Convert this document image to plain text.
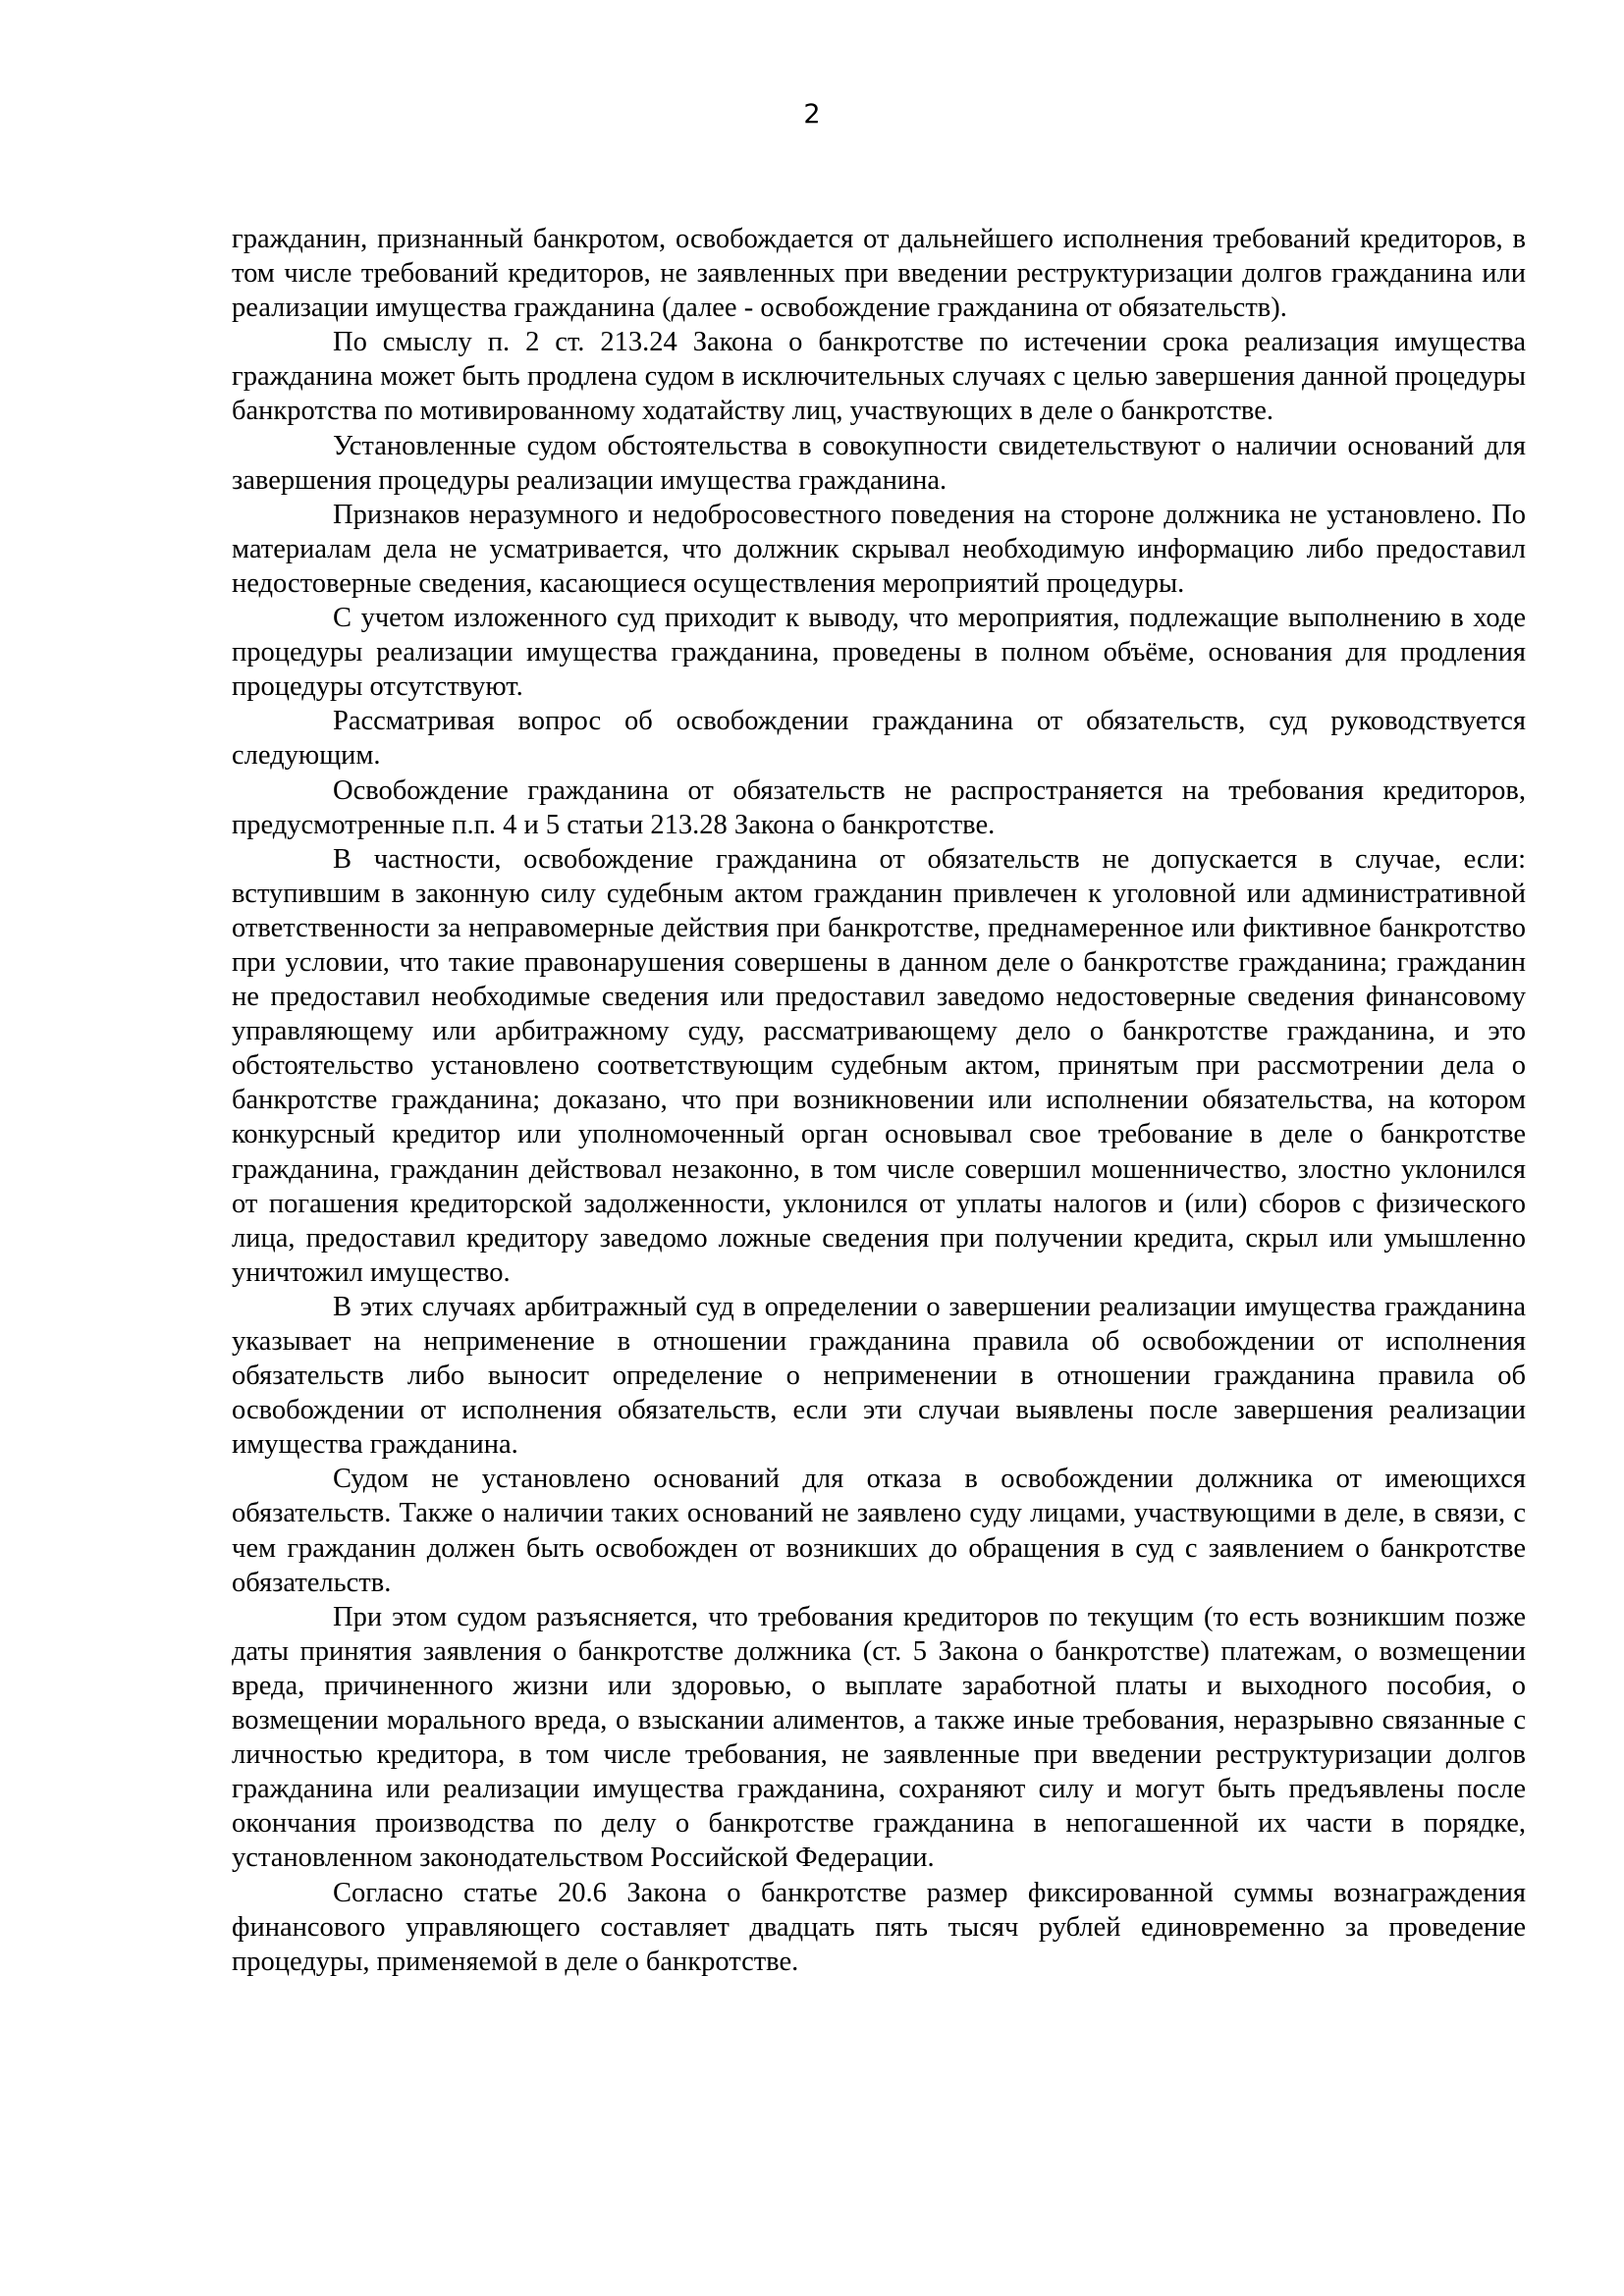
2

гражданин, признанный банкротом, освобождается от дальнейшего исполнения требований кредиторов, в том числе требований кредиторов, не заявленных при введении реструктуризации долгов гражданина или реализации имущества гражданина (далее - освобождение гражданина от обязательств).

По смыслу п. 2 ст. 213.24 Закона о банкротстве по истечении срока реализация имущества гражданина может быть продлена судом в исключительных случаях с целью завершения данной процедуры банкротства по мотивированному ходатайству лиц, участвующих в деле о банкротстве.

Установленные судом обстоятельства в совокупности свидетельствуют о наличии оснований для завершения процедуры реализации имущества гражданина.

Признаков неразумного и недобросовестного поведения на стороне должника не установлено. По материалам дела не усматривается, что должник скрывал необходимую информацию либо предоставил недостоверные сведения, касающиеся осуществления мероприятий процедуры.

С учетом изложенного суд приходит к выводу, что мероприятия, подлежащие выполнению в ходе процедуры реализации имущества гражданина, проведены в полном объёме, основания для продления процедуры отсутствуют.

Рассматривая вопрос об освобождении гражданина от обязательств, суд руководствуется следующим.

Освобождение гражданина от обязательств не распространяется на требования кредиторов, предусмотренные п.п. 4 и 5 статьи 213.28 Закона о банкротстве.

В частности, освобождение гражданина от обязательств не допускается в случае, если: вступившим в законную силу судебным актом гражданин привлечен к уголовной или административной ответственности за неправомерные действия при банкротстве, преднамеренное или фиктивное банкротство при условии, что такие правонарушения совершены в данном деле о банкротстве гражданина; гражданин не предоставил необходимые сведения или предоставил заведомо недостоверные сведения финансовому управляющему или арбитражному суду, рассматривающему дело о банкротстве гражданина, и это обстоятельство установлено соответствующим судебным актом, принятым при рассмотрении дела о банкротстве гражданина; доказано, что при возникновении или исполнении обязательства, на котором конкурсный кредитор или уполномоченный орган основывал свое требование в деле о банкротстве гражданина, гражданин действовал незаконно, в том числе совершил мошенничество, злостно уклонился от погашения кредиторской задолженности, уклонился от уплаты налогов и (или) сборов с физического лица, предоставил кредитору заведомо ложные сведения при получении кредита, скрыл или умышленно уничтожил имущество.

В этих случаях арбитражный суд в определении о завершении реализации имущества гражданина указывает на неприменение в отношении гражданина правила об освобождении от исполнения обязательств либо выносит определение о неприменении в отношении гражданина правила об освобождении от исполнения обязательств, если эти случаи выявлены после завершения реализации имущества гражданина.

Судом не установлено оснований для отказа в освобождении должника от имеющихся обязательств. Также о наличии таких оснований не заявлено суду лицами, участвующими в деле, в связи, с чем гражданин должен быть освобожден от возникших до обращения в суд с заявлением о банкротстве обязательств.

При этом судом разъясняется, что требования кредиторов по текущим (то есть возникшим позже даты принятия заявления о банкротстве должника (ст. 5 Закона о банкротстве) платежам, о возмещении вреда, причиненного жизни или здоровью, о выплате заработной платы и выходного пособия, о возмещении морального вреда, о взыскании алиментов, а также иные требования, неразрывно связанные с личностью кредитора, в том числе требования, не заявленные при введении реструктуризации долгов гражданина или реализации имущества гражданина, сохраняют силу и могут быть предъявлены после окончания производства по делу о банкротстве гражданина в непогашенной их части в порядке, установленном законодательством Российской Федерации.

Согласно статье 20.6 Закона о банкротстве размер фиксированной суммы вознаграждения финансового управляющего составляет двадцать пять тысяч рублей единовременно за проведение процедуры, применяемой в деле о банкротстве.
